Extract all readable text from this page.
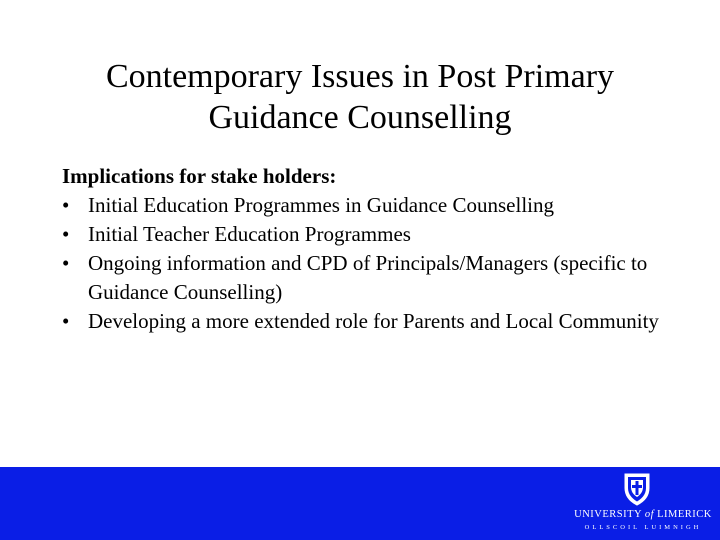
Contemporary Issues in Post Primary
Guidance Counselling

Implications for stake holders:

• Initial Education Programmes in Guidance Counselling
• Initial Teacher Education Programmes
• Ongoing information and CPD of Principals/Managers (specific to Guidance Counselling)
• Developing a more extended role for Parents and Local Community
UNIVERSITY of LIMERICK
OLLSCOIL LUIMNIGH
